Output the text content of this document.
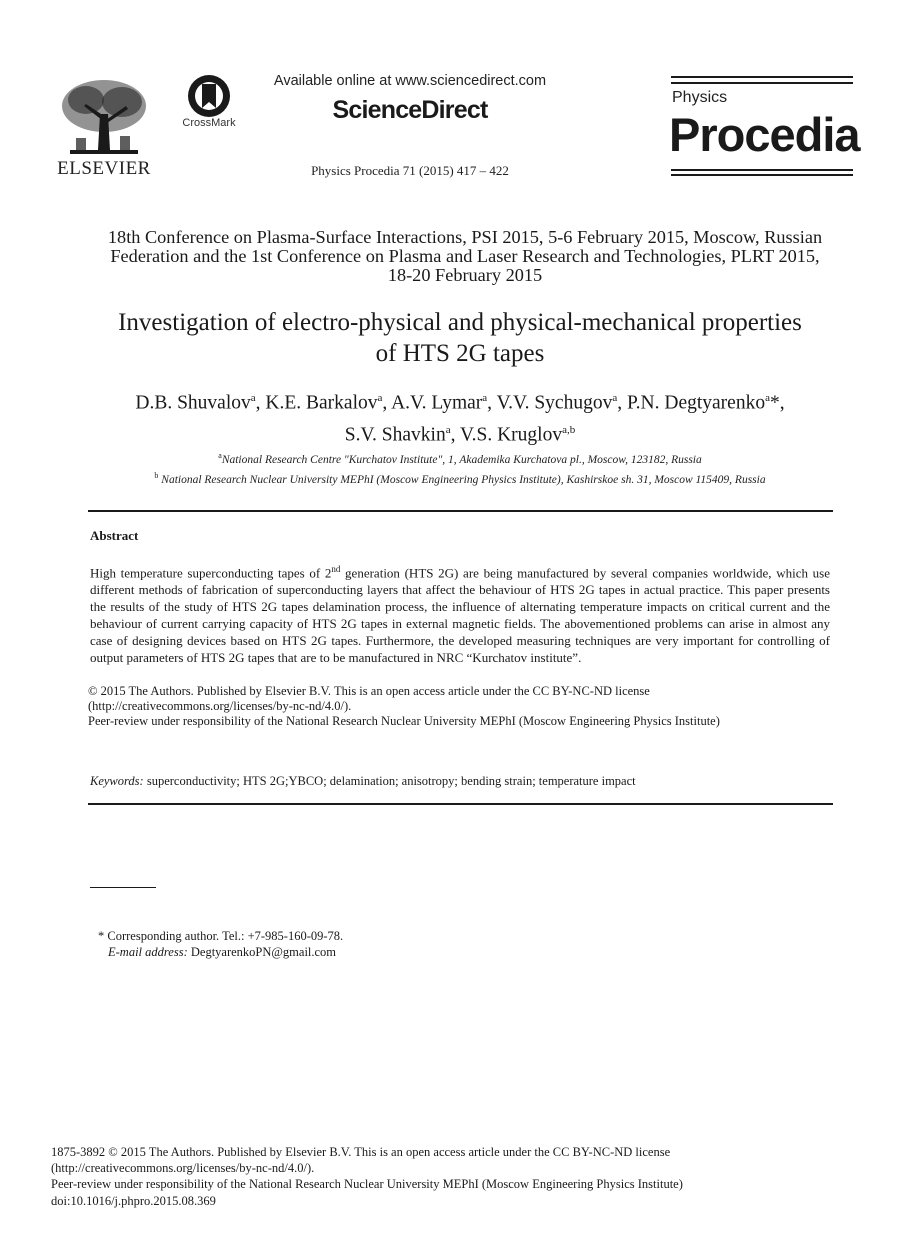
ELSEVIER
CrossMark
Available online at www.sciencedirect.com
ScienceDirect
Physics Procedia 71 (2015) 417 – 422
Physics
Procedia
18th Conference on Plasma-Surface Interactions, PSI 2015, 5-6 February 2015, Moscow, Russian
Federation and the 1st Conference on Plasma and Laser Research and Technologies, PLRT 2015,
18-20 February 2015
Investigation of electro-physical and physical-mechanical properties
of HTS 2G tapes
D.B. Shuvalov$^a$, K.E. Barkalov$^a$, A.V. Lymar$^a$, V.V. Sychugov$^a$, P.N. Degtyarenko$^a$*,
S.V. Shavkin$^a$, V.S. Kruglov$^{a,b}$
$^a$National Research Centre "Kurchatov Institute", 1, Akademika Kurchatova pl., Moscow, 123182, Russia
$^b$ National Research Nuclear University MEPhI (Moscow Engineering Physics Institute), Kashirskoe sh. 31, Moscow 115409, Russia
Abstract
High temperature superconducting tapes of 2nd generation (HTS 2G) are being manufactured by several companies worldwide, which use different methods of fabrication of superconducting layers that affect the behaviour of HTS 2G tapes in actual practice. This paper presents the results of the study of HTS 2G tapes delamination process, the influence of alternating temperature impacts on critical current and the behaviour of current carrying capacity of HTS 2G tapes in external magnetic fields. The abovementioned problems can arise in almost any case of designing devices based on HTS 2G tapes. Furthermore, the developed measuring techniques are very important for controlling of output parameters of HTS 2G tapes that are to be manufactured in NRC “Kurchatov institute”.
© 2015 The Authors. Published by Elsevier B.V. This is an open access article under the CC BY-NC-ND license
(http://creativecommons.org/licenses/by-nc-nd/4.0/).
Peer-review under responsibility of the National Research Nuclear University MEPhI (Moscow Engineering Physics Institute)
Keywords: superconductivity; HTS 2G;YBCO; delamination; anisotropy; bending strain; temperature impact
* Corresponding author. Tel.: +7-985-160-09-78.
E-mail address: DegtyarenkoPN@gmail.com
1875-3892 © 2015 The Authors. Published by Elsevier B.V. This is an open access article under the CC BY-NC-ND license
(http://creativecommons.org/licenses/by-nc-nd/4.0/).
Peer-review under responsibility of the National Research Nuclear University MEPhI (Moscow Engineering Physics Institute)
doi:10.1016/j.phpro.2015.08.369
